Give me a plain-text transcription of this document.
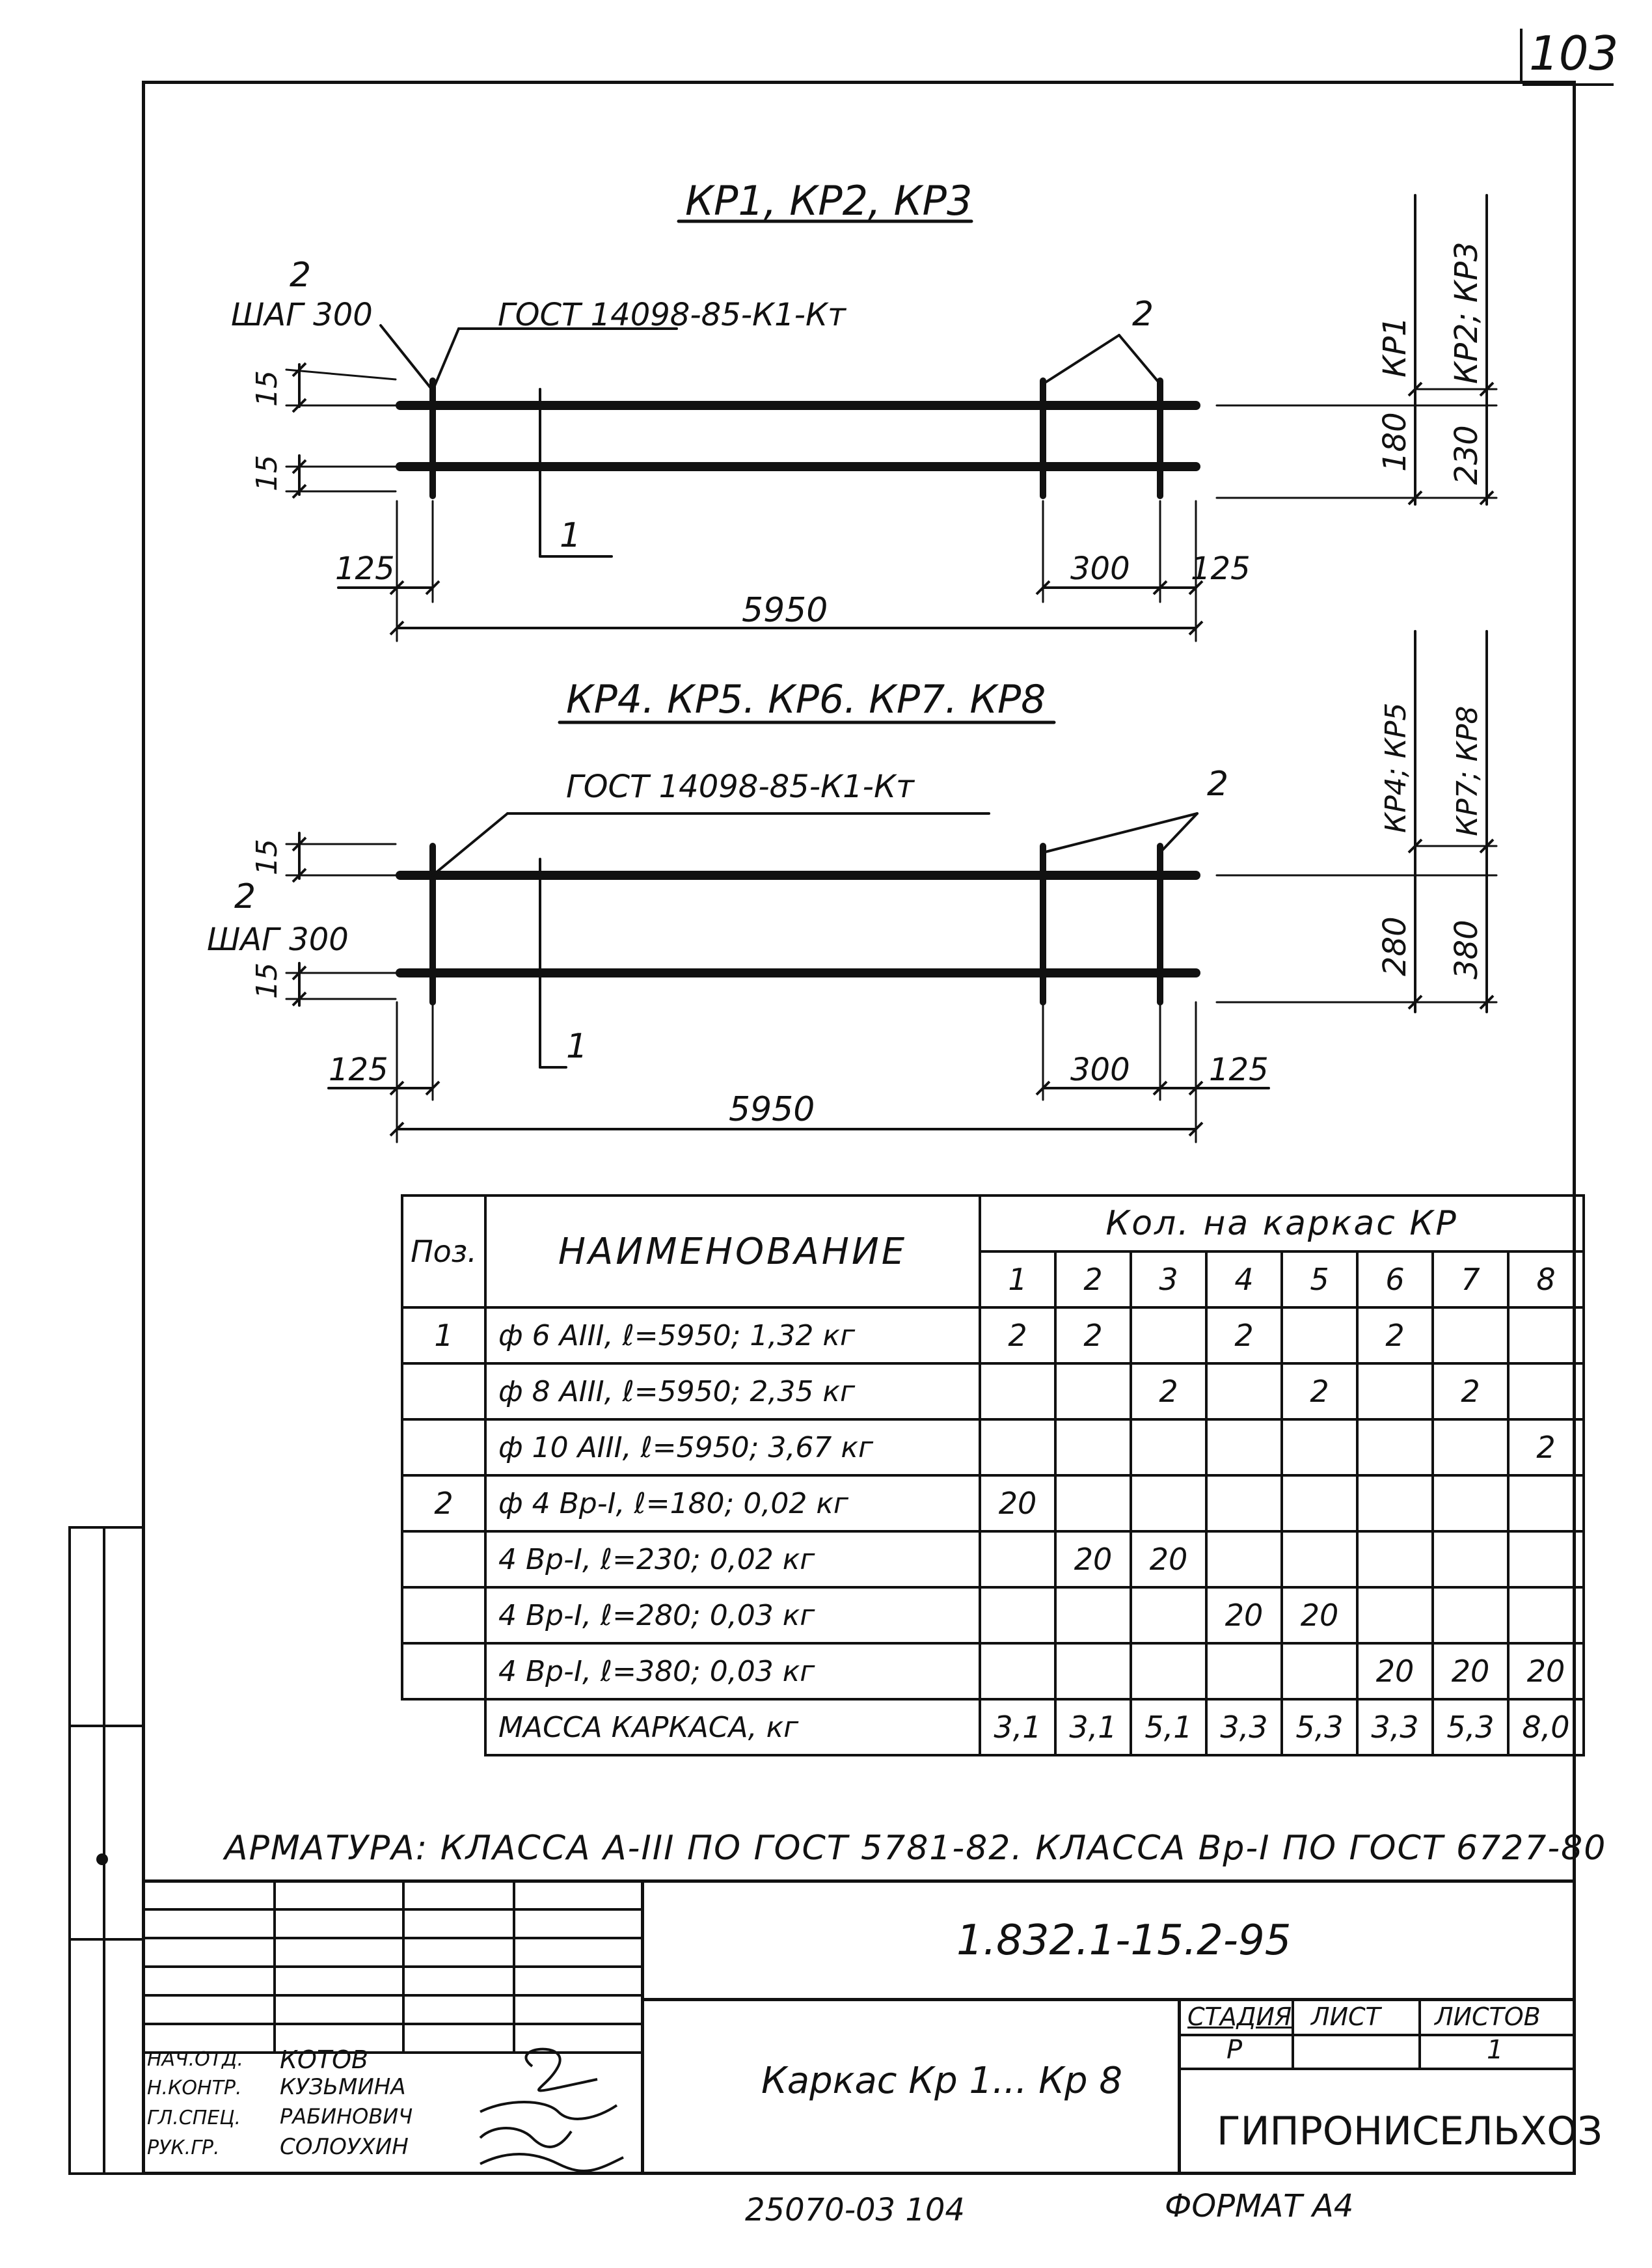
103
КР1, КР2, КР3
2
ШАГ 300	ГОСТ 14098-85-К1-Кт	2
1
15
15
125	300 125
5950
180 230
КР1 КР2; КР3
КР4. КР5. КР6. КР7. КР8
ГОСТ 14098-85-К1-Кт	2
2
ШАГ 300
1
15
15
125	300	125
5950
280 380
КР4; КР5 КР7; КР8
Поз.	НАИМЕНОВАНИЕ	Кол. на каркас КР							
		1	2	3	4	5	6	7	8
1	ф 6 АIII, ℓ=5950; 1,32 кг	2	2		2		2		
	ф 8 АIII, ℓ=5950; 2,35 кг			2		2		2	
	ф 10 АIII, ℓ=5950; 3,67 кг								2
2	ф 4 Вр-I, ℓ=180; 0,02 кг	20							
	4 Вр-I, ℓ=230; 0,02 кг		20	20					
	4 Вр-I, ℓ=280; 0,03 кг				20	20			
	4 Вр-I, ℓ=380; 0,03 кг						20	20	20
	МАССА КАРКАСА, кг	3,1	3,1	5,1	3,3	5,3	3,3	5,3	8,0
АРМАТУРА: КЛАССА А-III ПО ГОСТ 5781-82. КЛАССА Вр-I ПО ГОСТ 6727-80
1.832.1-15.2-95
Каркас Кр 1... Кр 8
СТАДИЯ ЛИСТ ЛИСТОВ
Р	1
ГИПРОНИСЕЛЬХОЗ

НАЧ.ОТД. КОТОВ
Н.КОНТР. КУЗЬМИНА
ГЛ.СПЕЦ. РАБИНОВИЧ
РУК.ГР.	СОЛОУХИН
25070-03 104	ФОРМАТ А4
